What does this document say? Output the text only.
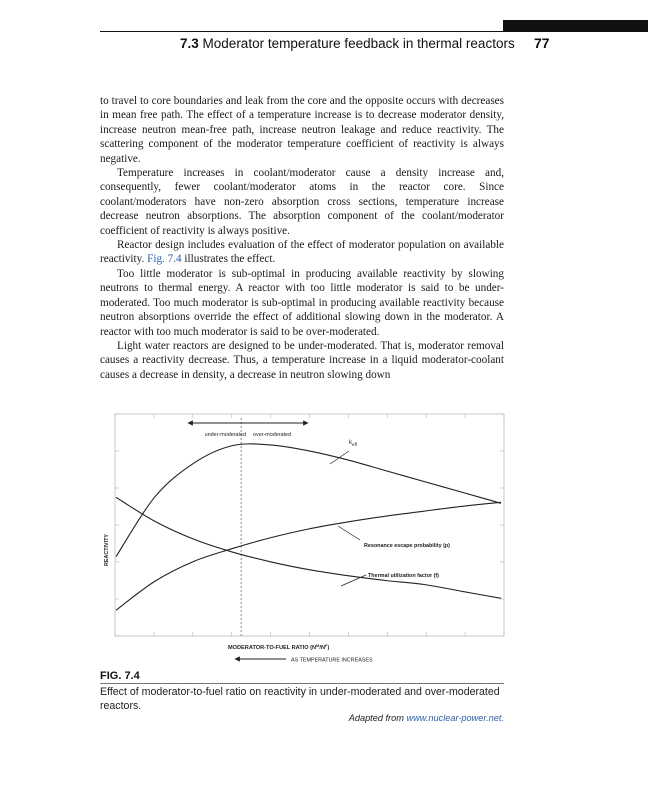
7.3 Moderator temperature feedback in thermal reactors 77

to travel to core boundaries and leak from the core and the opposite occurs with decreases in mean free path. The effect of a temperature increase is to decrease moderator density, increase neutron mean-free path, increase neutron leakage and reduce reactivity. The scattering component of the moderator temperature coefficient of reactivity is always negative.

Temperature increases in coolant/moderator cause a density increase and, consequently, fewer coolant/moderator atoms in the reactor core. Since coolant/moderators have non-zero absorption cross sections, temperature increase decrease neutron absorptions. The absorption component of the coolant/moderator coefficient of reactivity is always positive.

Reactor design includes evaluation of the effect of moderator population on available reactivity. Fig. 7.4 illustrates the effect.

Too little moderator is sub-optimal in producing available reactivity by slowing neutrons to thermal energy. A reactor with too little moderator is said to be under-moderated. Too much moderator is sub-optimal in producing available reactivity because neutron absorptions override the effect of additional slowing down in the moderator. A reactor with too much moderator is said to be over-moderated.

Light water reactors are designed to be under-moderated. That is, moderator removal causes a reactivity decrease. Thus, a temperature increase in a liquid moderator-coolant causes a decrease in density, a decrease in neutron slowing down

under-moderated over-moderated
$k_{eff}$
Resonance escape probability (p)
Thermal utilization factor (f)
REACTIVITY
MODERATOR-TO-FUEL RATIO $(N^M/N^F)$
AS TEMPERATURE INCREASES
FIG. 7.4
Effect of moderator-to-fuel ratio on reactivity in under-moderated and over-moderated reactors.
Adapted from www.nuclear-power.net.
